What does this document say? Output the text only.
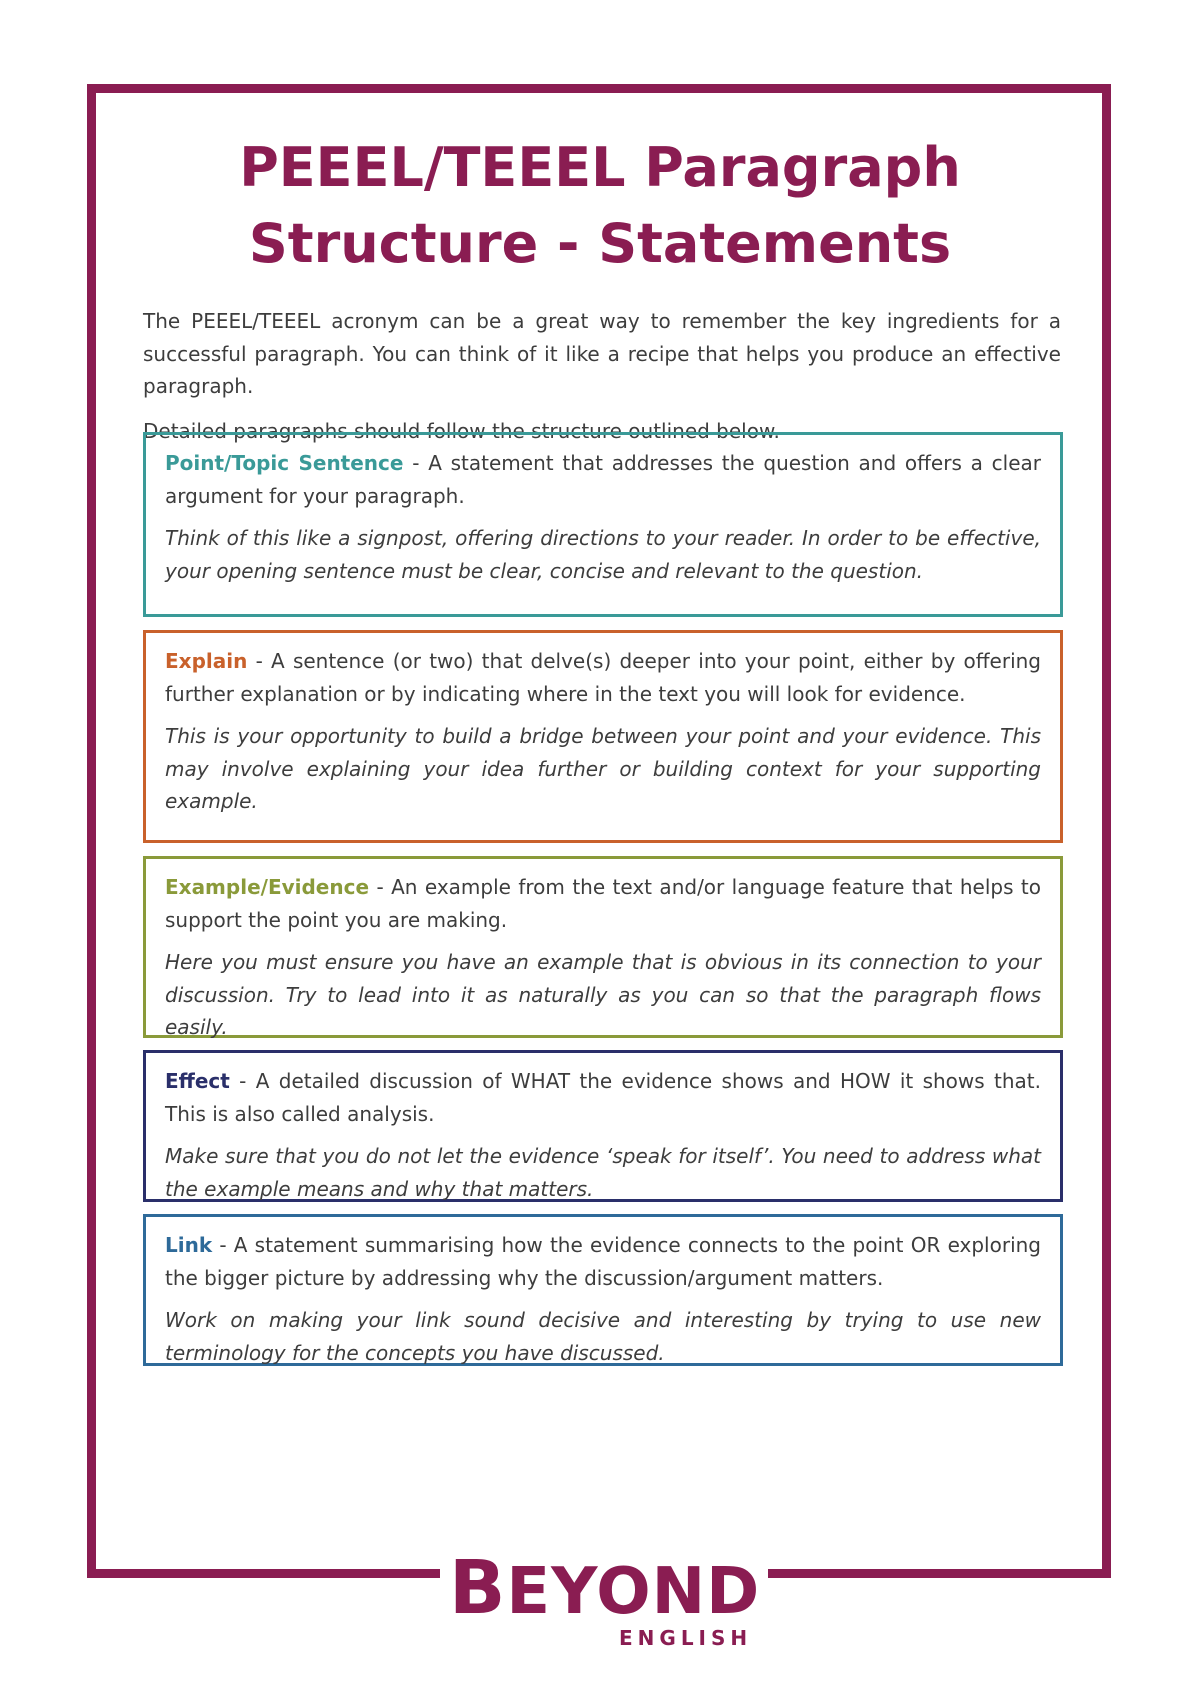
PEEEL/TEEEL Paragraph
Structure - Statements

The PEEEL/TEEEL acronym can be a great way to remember the key ingredients for a successful paragraph. You can think of it like a recipe that helps you produce an effective paragraph.

Detailed paragraphs should follow the structure outlined below.

Point/Topic Sentence - A statement that addresses the question and offers a clear argument for your paragraph.

Think of this like a signpost, offering directions to your reader. In order to be effective, your opening sentence must be clear, concise and relevant to the question.

Explain - A sentence (or two) that delve(s) deeper into your point, either by offering further explanation or by indicating where in the text you will look for evidence.

This is your opportunity to build a bridge between your point and your evidence. This may involve explaining your idea further or building context for your supporting example.

Example/Evidence - An example from the text and/or language feature that helps to support the point you are making.

Here you must ensure you have an example that is obvious in its connection to your discussion. Try to lead into it as naturally as you can so that the paragraph flows easily.

Effect - A detailed discussion of WHAT the evidence shows and HOW it shows that. This is also called analysis.

Make sure that you do not let the evidence ‘speak for itself’. You need to address what the example means and why that matters.

Link - A statement summarising how the evidence connects to the point OR exploring the bigger picture by addressing why the discussion/argument matters.

Work on making your link sound decisive and interesting by trying to use new terminology for the concepts you have discussed.

BEYOND
ENGLISH
